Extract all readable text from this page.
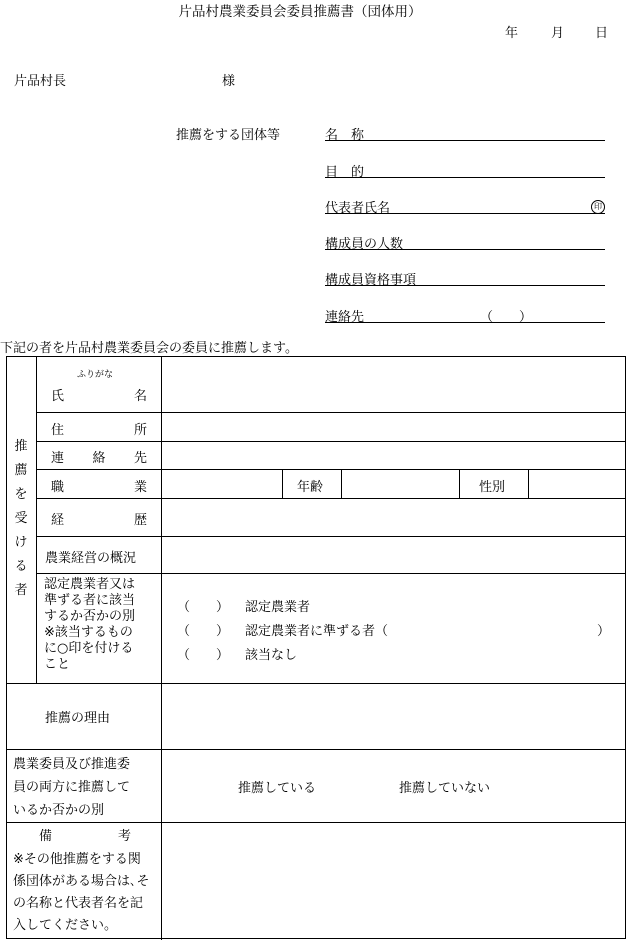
片品村農業委員会委員推薦書（団体用）
年	月 日
片品村長	様
推薦をする団体等	名　称
目　的
代表者氏名	印
構成員の人数
構成員資格事項
連絡先	（　　）
下記の者を片品村農業委員会の委員に推薦します。
推
薦
を
受
け
る
者
ふりがな
氏	名
住	所
連 絡 先
職	業	年齢	性別
経	歴
農業経営の概況
認定農業者又は
準ずる者に該当
するか否かの別
※該当するもの
に○印を付ける
こと
（　　） 認定農業者
（　　） 認定農業者に準ずる者（	）
（　　） 該当なし
推薦の理由
農業委員及び推進委
員の両方に推薦して
いるか否かの別
推薦している	推薦していない
備	考
※その他推薦をする関
係団体がある場合は､そ
の名称と代表者名を記
入してください。
